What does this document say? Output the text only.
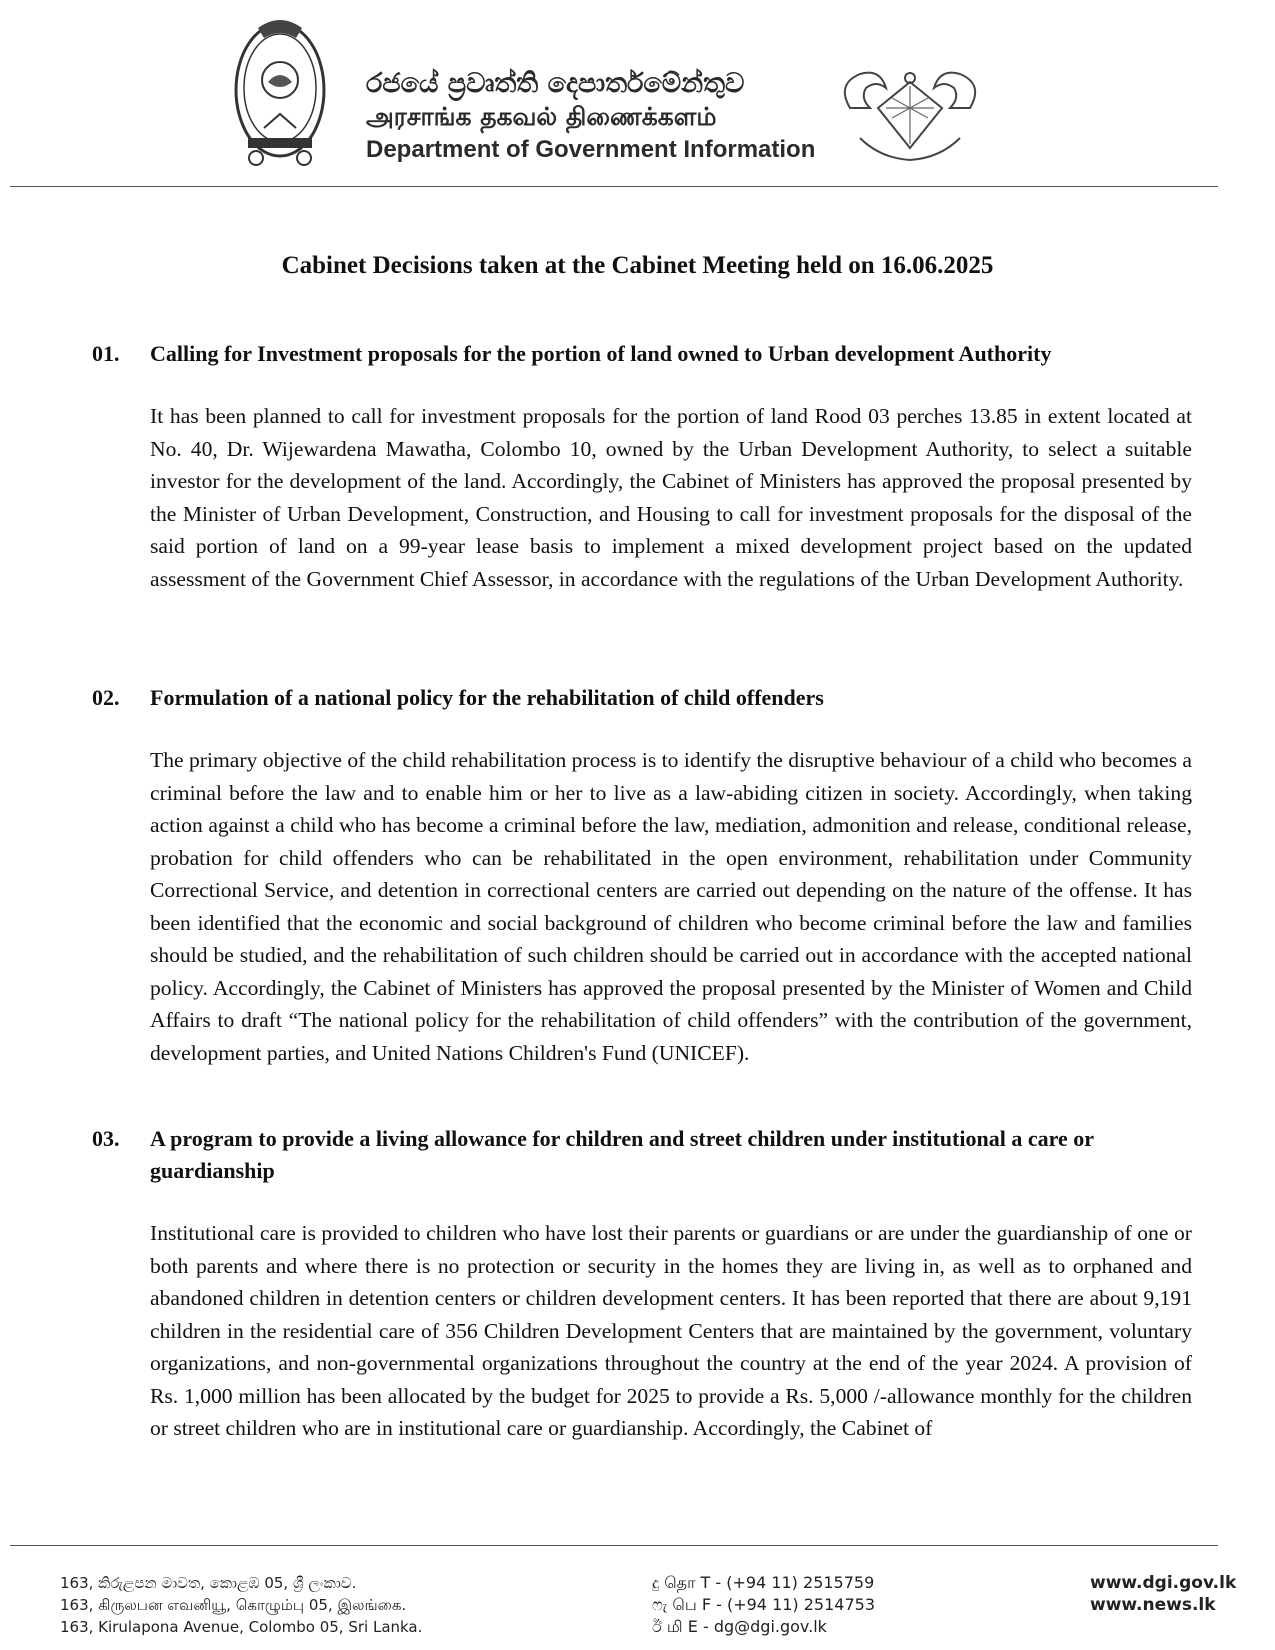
රජයේ ප්‍රවෘත්ති දෙපාර්තමේන්තුව
அரசாங்க தகவல் திணைக்களம்
Department of Government Information
Cabinet Decisions taken at the Cabinet Meeting held on 16.06.2025
01. Calling for Investment proposals for the portion of land owned to Urban development Authority
It has been planned to call for investment proposals for the portion of land Rood 03 perches 13.85 in extent located at No. 40, Dr. Wijewardena Mawatha, Colombo 10, owned by the Urban Development Authority, to select a suitable investor for the development of the land. Accordingly, the Cabinet of Ministers has approved the proposal presented by the Minister of Urban Development, Construction, and Housing to call for investment proposals for the disposal of the said portion of land on a 99-year lease basis to implement a mixed development project based on the updated assessment of the Government Chief Assessor, in accordance with the regulations of the Urban Development Authority.
02. Formulation of a national policy for the rehabilitation of child offenders
The primary objective of the child rehabilitation process is to identify the disruptive behaviour of a child who becomes a criminal before the law and to enable him or her to live as a law-abiding citizen in society. Accordingly, when taking action against a child who has become a criminal before the law, mediation, admonition and release, conditional release, probation for child offenders who can be rehabilitated in the open environment, rehabilitation under Community Correctional Service, and detention in correctional centers are carried out depending on the nature of the offense. It has been identified that the economic and social background of children who become criminal before the law and families should be studied, and the rehabilitation of such children should be carried out in accordance with the accepted national policy. Accordingly, the Cabinet of Ministers has approved the proposal presented by the Minister of Women and Child Affairs to draft “The national policy for the rehabilitation of child offenders” with the contribution of the government, development parties, and United Nations Children's Fund (UNICEF).
03. A program to provide a living allowance for children and street children under institutional a care or guardianship
Institutional care is provided to children who have lost their parents or guardians or are under the guardianship of one or both parents and where there is no protection or security in the homes they are living in, as well as to orphaned and abandoned children in detention centers or children development centers. It has been reported that there are about 9,191 children in the residential care of 356 Children Development Centers that are maintained by the government, voluntary organizations, and non-governmental organizations throughout the country at the end of the year 2024. A provision of Rs. 1,000 million has been allocated by the budget for 2025 to provide a Rs. 5,000 /-allowance monthly for the children or street children who are in institutional care or guardianship. Accordingly, the Cabinet of
163, කිරුළපන මාවත, කොළඹ 05, ශ්‍රී ලංකාව.
163, கிருலபன எவனியூ, கொழும்பு 05, இலங்கை.
163, Kirulapona Avenue, Colombo 05, Sri Lanka.
දු தொ T - (+94 11) 2515759
ෆැ பெ F - (+94 11) 2514753
ඊ மி E - dg@dgi.gov.lk
www.dgi.gov.lk
www.news.lk
